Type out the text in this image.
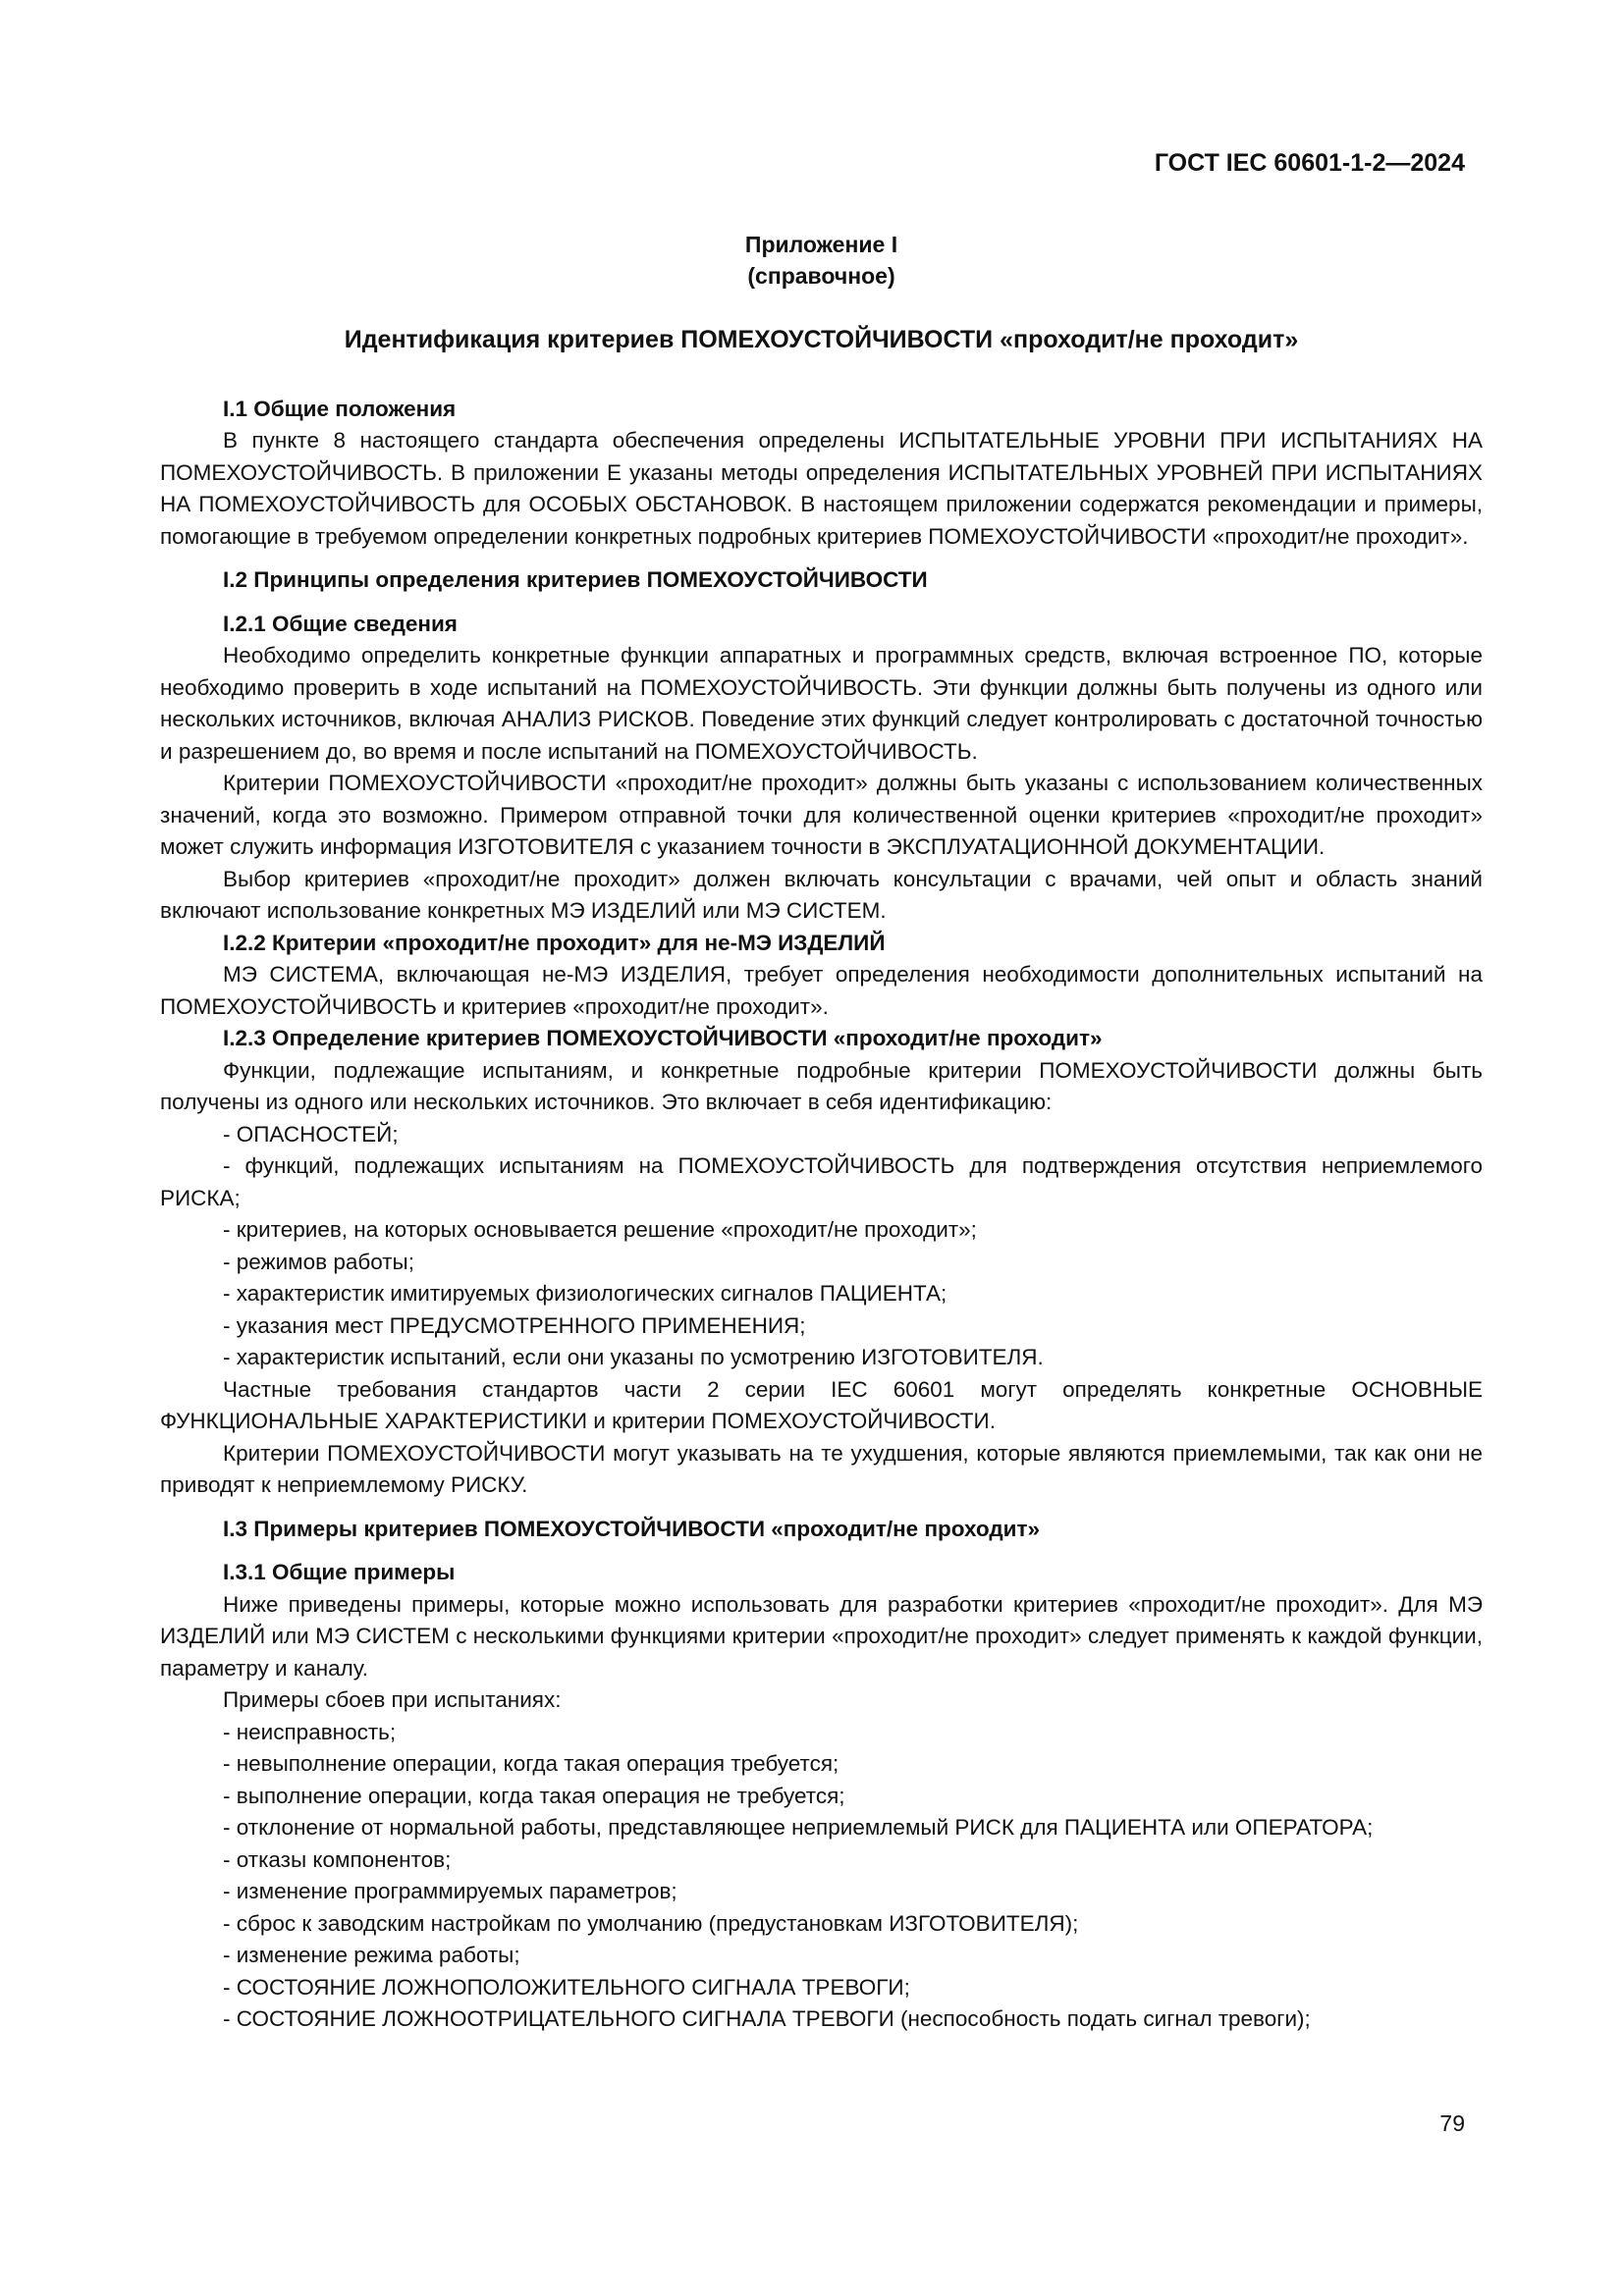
ГОСТ IEC 60601-1-2—2024
Приложение I
(справочное)
Идентификация критериев ПОМЕХОУСТОЙЧИВОСТИ «проходит/не проходит»
I.1 Общие положения

В пункте 8 настоящего стандарта обеспечения определены ИСПЫТАТЕЛЬНЫЕ УРОВНИ ПРИ ИСПЫТАНИЯХ НА ПОМЕХОУСТОЙЧИВОСТЬ. В приложении Е указаны методы определения ИСПЫТАТЕЛЬНЫХ УРОВНЕЙ ПРИ ИСПЫТАНИЯХ НА ПОМЕХОУСТОЙЧИВОСТЬ для ОСОБЫХ ОБСТАНОВОК. В настоящем приложении содержатся рекомендации и примеры, помогающие в требуемом определении конкретных подробных критериев ПОМЕХОУСТОЙЧИВОСТИ «проходит/не проходит».

I.2 Принципы определения критериев ПОМЕХОУСТОЙЧИВОСТИ
I.2.1 Общие сведения

Необходимо определить конкретные функции аппаратных и программных средств, включая встроенное ПО, которые необходимо проверить в ходе испытаний на ПОМЕХОУСТОЙЧИВОСТЬ. Эти функции должны быть получены из одного или нескольких источников, включая АНАЛИЗ РИСКОВ. Поведение этих функций следует контролировать с достаточной точностью и разрешением до, во время и после испытаний на ПОМЕХОУСТОЙЧИВОСТЬ.

Критерии ПОМЕХОУСТОЙЧИВОСТИ «проходит/не проходит» должны быть указаны с использованием количественных значений, когда это возможно. Примером отправной точки для количественной оценки критериев «проходит/не проходит» может служить информация ИЗГОТОВИТЕЛЯ с указанием точности в ЭКСПЛУАТАЦИОННОЙ ДОКУМЕНТАЦИИ.

Выбор критериев «проходит/не проходит» должен включать консультации с врачами, чей опыт и область знаний включают использование конкретных МЭ ИЗДЕЛИЙ или МЭ СИСТЕМ.

I.2.2 Критерии «проходит/не проходит» для не-МЭ ИЗДЕЛИЙ

МЭ СИСТЕМА, включающая не-МЭ ИЗДЕЛИЯ, требует определения необходимости дополнительных испытаний на ПОМЕХОУСТОЙЧИВОСТЬ и критериев «проходит/не проходит».

I.2.3 Определение критериев ПОМЕХОУСТОЙЧИВОСТИ «проходит/не проходит»

Функции, подлежащие испытаниям, и конкретные подробные критерии ПОМЕХОУСТОЙЧИВОСТИ должны быть получены из одного или нескольких источников. Это включает в себя идентификацию:

- ОПАСНОСТЕЙ;

- функций, подлежащих испытаниям на ПОМЕХОУСТОЙЧИВОСТЬ для подтверждения отсутствия неприемлемого РИСКА;

- критериев, на которых основывается решение «проходит/не проходит»;

- режимов работы;

- характеристик имитируемых физиологических сигналов ПАЦИЕНТА;

- указания мест ПРЕДУСМОТРЕННОГО ПРИМЕНЕНИЯ;

- характеристик испытаний, если они указаны по усмотрению ИЗГОТОВИТЕЛЯ.

Частные требования стандартов части 2 серии IEC 60601 могут определять конкретные ОСНОВНЫЕ ФУНКЦИОНАЛЬНЫЕ ХАРАКТЕРИСТИКИ и критерии ПОМЕХОУСТОЙЧИВОСТИ.

Критерии ПОМЕХОУСТОЙЧИВОСТИ могут указывать на те ухудшения, которые являются приемлемыми, так как они не приводят к неприемлемому РИСКУ.

I.3 Примеры критериев ПОМЕХОУСТОЙЧИВОСТИ «проходит/не проходит»
I.3.1 Общие примеры

Ниже приведены примеры, которые можно использовать для разработки критериев «проходит/не проходит». Для МЭ ИЗДЕЛИЙ или МЭ СИСТЕМ с несколькими функциями критерии «проходит/не проходит» следует применять к каждой функции, параметру и каналу.

Примеры сбоев при испытаниях:

- неисправность;

- невыполнение операции, когда такая операция требуется;

- выполнение операции, когда такая операция не требуется;

- отклонение от нормальной работы, представляющее неприемлемый РИСК для ПАЦИЕНТА или ОПЕРАТОРА;

- отказы компонентов;

- изменение программируемых параметров;

- сброс к заводским настройкам по умолчанию (предустановкам ИЗГОТОВИТЕЛЯ);

- изменение режима работы;

- СОСТОЯНИЕ ЛОЖНОПОЛОЖИТЕЛЬНОГО СИГНАЛА ТРЕВОГИ;

- СОСТОЯНИЕ ЛОЖНООТРИЦАТЕЛЬНОГО СИГНАЛА ТРЕВОГИ (неспособность подать сигнал тревоги);

79
